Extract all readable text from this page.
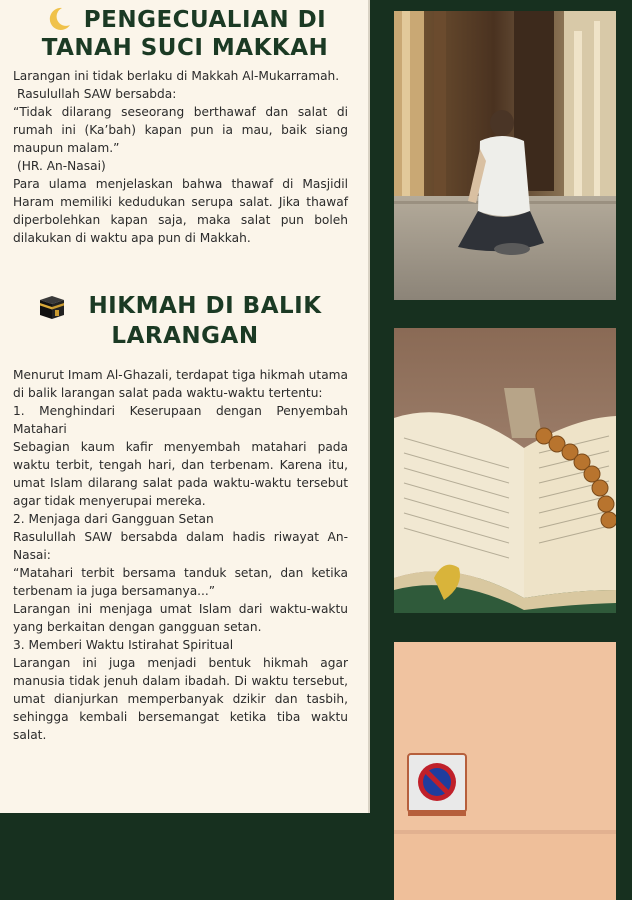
PENGECUALIAN DI
TANAH SUCI MAKKAH

Larangan ini tidak berlaku di Makkah Al-Mukarramah.

Rasulullah SAW bersabda:

“Tidak dilarang seseorang berthawaf dan salat di rumah ini (Ka’bah) kapan pun ia mau, baik siang maupun malam.”

(HR. An-Nasai)

Para ulama menjelaskan bahwa thawaf di Masjidil Haram memiliki kedudukan serupa salat. Jika thawaf diperbolehkan kapan saja, maka salat pun boleh dilakukan di waktu apa pun di Makkah.

HIKMAH DI BALIK
LARANGAN

Menurut Imam Al-Ghazali, terdapat tiga hikmah utama di balik larangan salat pada waktu-waktu tertentu:

1. Menghindari Keserupaan dengan Penyembah Matahari

Sebagian kaum kafir menyembah matahari pada waktu terbit, tengah hari, dan terbenam. Karena itu, umat Islam dilarang salat pada waktu-waktu tersebut agar tidak menyerupai mereka.

2. Menjaga dari Gangguan Setan

Rasulullah SAW bersabda dalam hadis riwayat An-Nasai:

“Matahari terbit bersama tanduk setan, dan ketika terbenam ia juga bersamanya...”

Larangan ini menjaga umat Islam dari waktu-waktu yang berkaitan dengan gangguan setan.

3. Memberi Waktu Istirahat Spiritual

Larangan ini juga menjadi bentuk hikmah agar manusia tidak jenuh dalam ibadah. Di waktu tersebut, umat dianjurkan memperbanyak dzikir dan tasbih, sehingga kembali bersemangat ketika tiba waktu salat.
